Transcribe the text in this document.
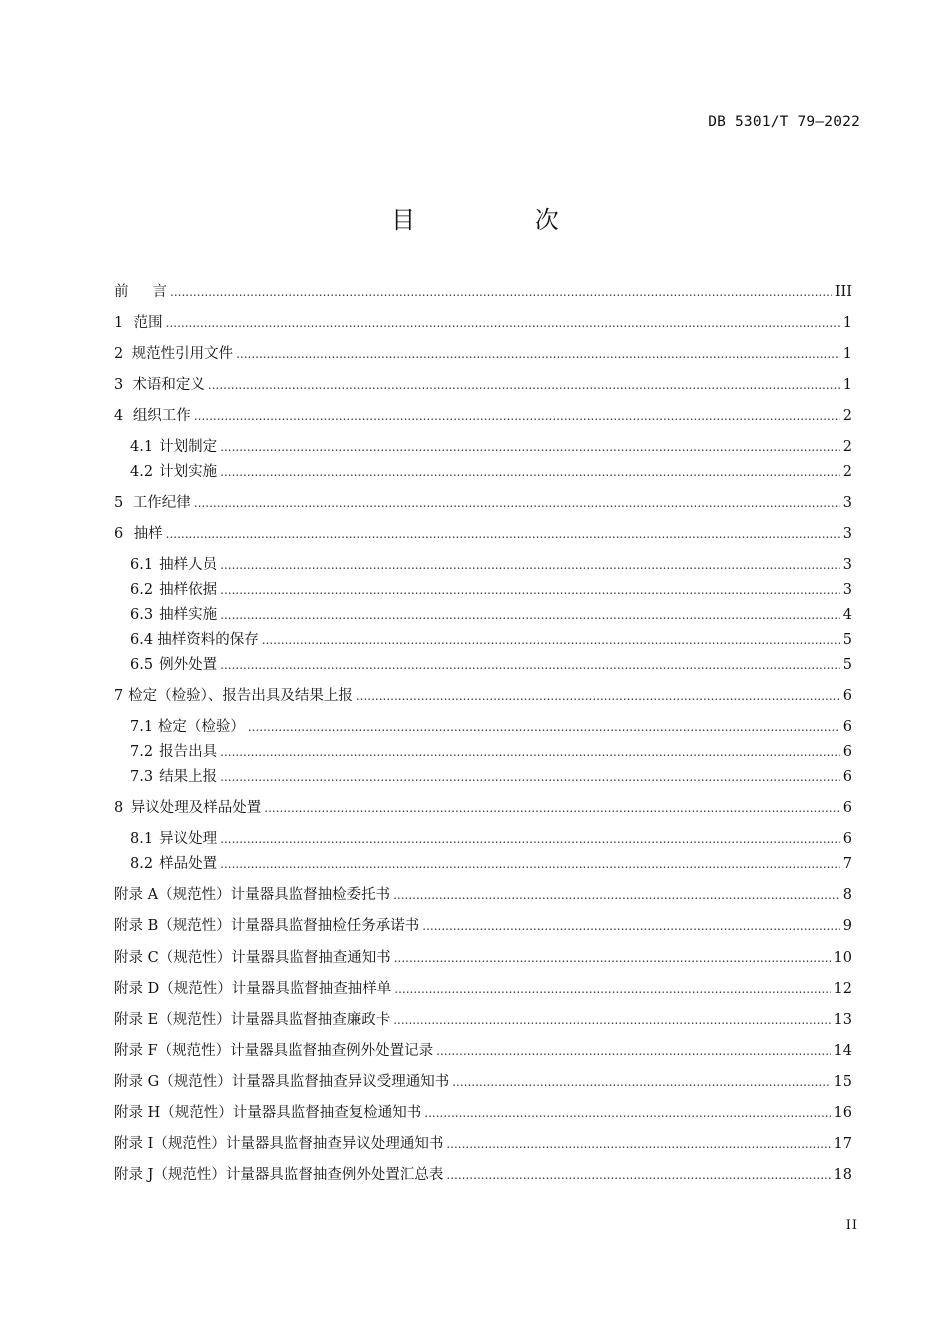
DB 5301/T 79—2022
目 次
前	言 .....	III
1 范围 .....	1
2 规范性引用文件 .....	1
3 术语和定义 .....	1
4 组织工作 .....	2
4.1 计划制定 .....	2
4.2 计划实施 .....	2
5 工作纪律 .....	3
6 抽样 .....	3
6.1 抽样人员 .....	3
6.2 抽样依据 .....	3
6.3 抽样实施 .....	4
6.4 抽样资料的保存 .....	5
6.5 例外处置 .....	5
7 检定（检验）、报告出具及结果上报 .....	6
7.1 检定（检验） .....	6
7.2 报告出具 .....	6
7.3 结果上报 .....	6
8 异议处理及样品处置 .....	6
8.1 异议处理 .....	6
8.2 样品处置 .....	7
附录 A （规范性） 计量器具监督抽检委托书 .....	8
附录 B （规范性） 计量器具监督抽检任务承诺书 .....	9
附录 C （规范性） 计量器具监督抽查通知书 .....	10
附录 D （规范性） 计量器具监督抽查抽样单 .....	12
附录 E （规范性） 计量器具监督抽查廉政卡 .....	13
附录 F （规范性） 计量器具监督抽查例外处置记录 .....	14
附录 G （规范性） 计量器具监督抽查异议受理通知书 .....	15
附录 H （规范性） 计量器具监督抽查复检通知书 .....	16
附录 I （规范性） 计量器具监督抽查异议处理通知书 .....	17
附录 J （规范性） 计量器具监督抽查例外处置汇总表 .....	18
II
